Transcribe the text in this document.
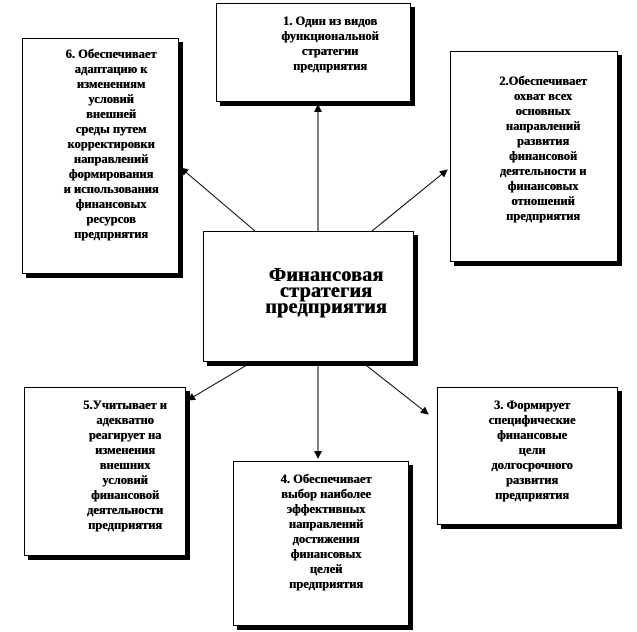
1. Один из видов
функциональной
стратегии
предприятия
2.Обеспечивает
охват всех
основных
направлений
развития
финансовой
деятельности и
финансовых
отношений
предприятия
6. Обеспечивает
адаптацию к
изменениям
условий
внешней
среды путем
корректировки
направлений
формирования
и использования
финансовых
ресурсов
предприятия
Финансовая
стратегия
предприятия
5.Учитывает и
адекватно
реагирует на
изменения
внешних
условий
финансовой
деятельности
предприятия
3. Формирует
специфические
финансовые
цели
долгосрочного
развития
предприятия
4. Обеспечивает
выбор наиболее
эффективных
направлений
достижения
финансовых
целей
предприятия
